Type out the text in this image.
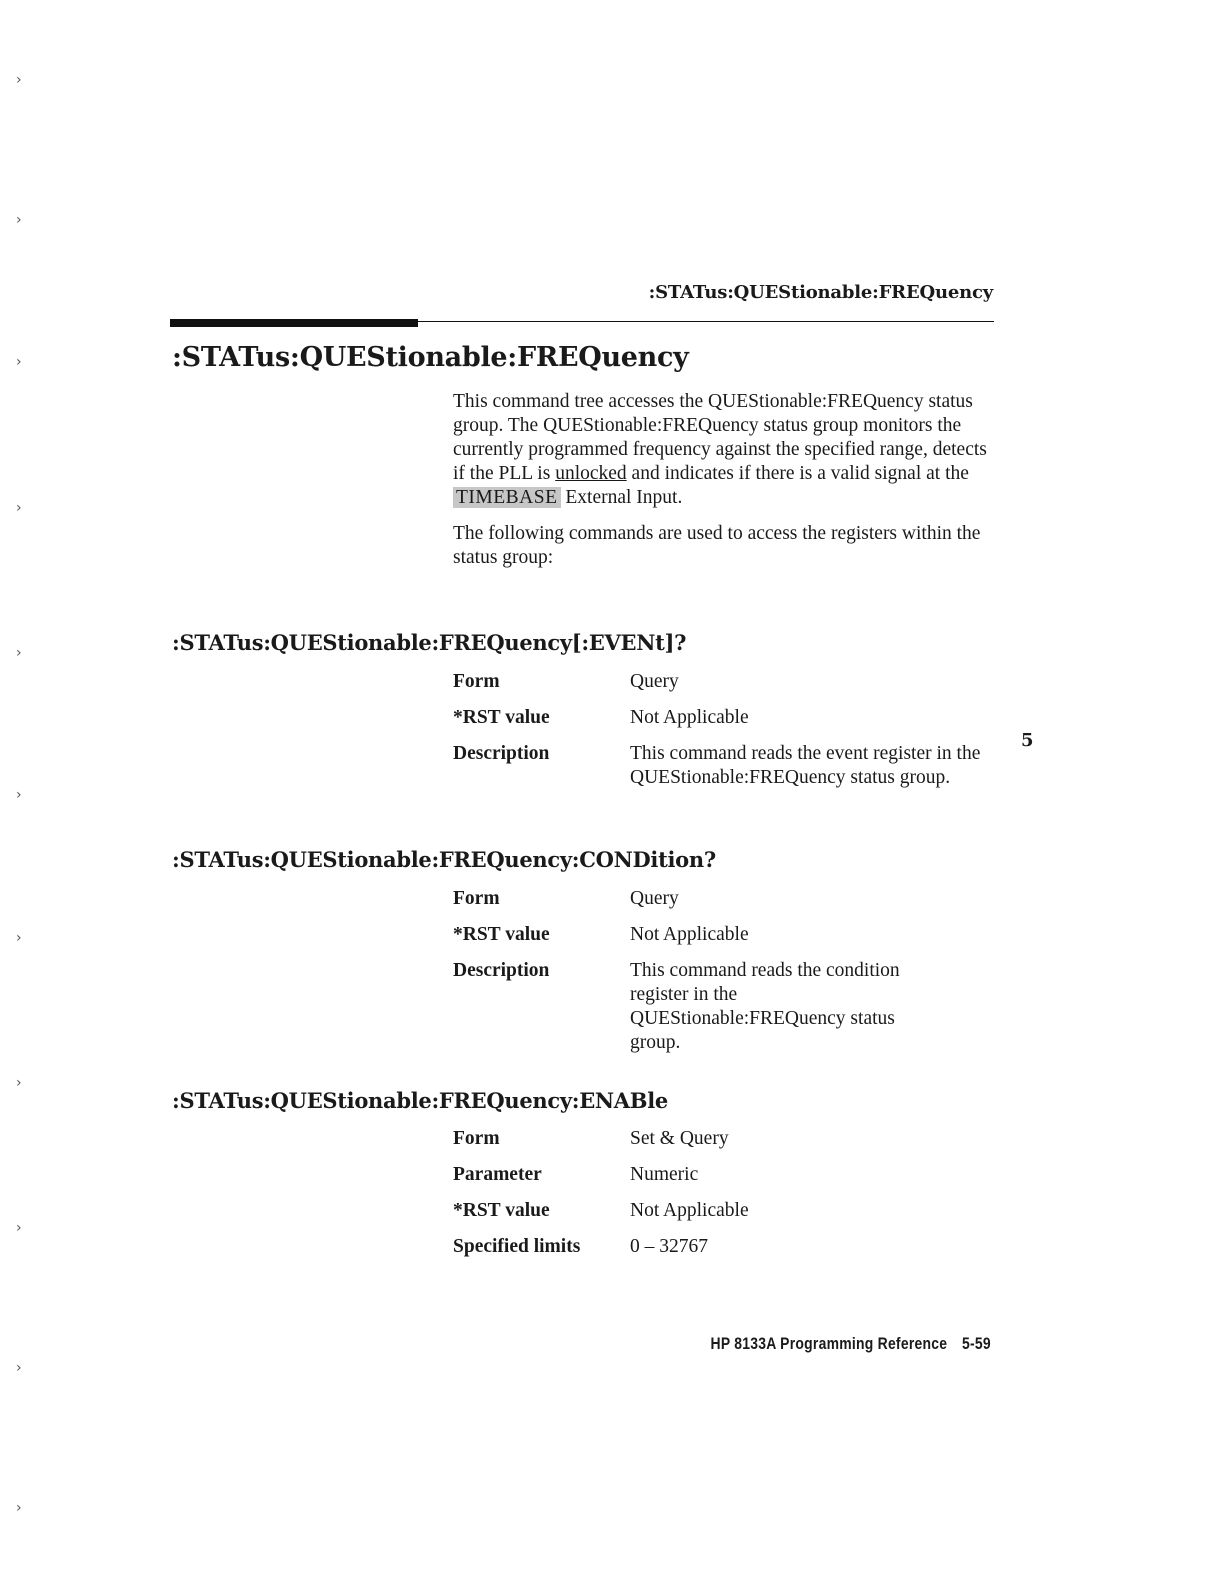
›
›
›
›
›
›
›
›
›
›
›
:STATus:QUEStionable:FREQuency
:STATus:QUEStionable:FREQuency

This command tree accesses the QUEStionable:FREQuency status group. The QUEStionable:FREQuency status group monitors the currently programmed frequency against the specified range, detects if the PLL is unlocked and indicates if there is a valid signal at the TIMEBASE External Input.

The following commands are used to access the registers within the status group:

:STATus:QUEStionable:FREQuency[:EVENt]?
Form	Query
*RST value	Not Applicable
Description	This command reads the event register in the QUEStionable:FREQuency status group.
:STATus:QUEStionable:FREQuency:CONDition?
Form	Query
*RST value	Not Applicable
Description	This command reads the condition register in the QUEStionable:FREQuency status group.
:STATus:QUEStionable:FREQuency:ENABle
Form	Set & Query
Parameter	Numeric
*RST value	Not Applicable
Specified limits	0 – 32767
5
HP 8133A Programming Reference 5-59
